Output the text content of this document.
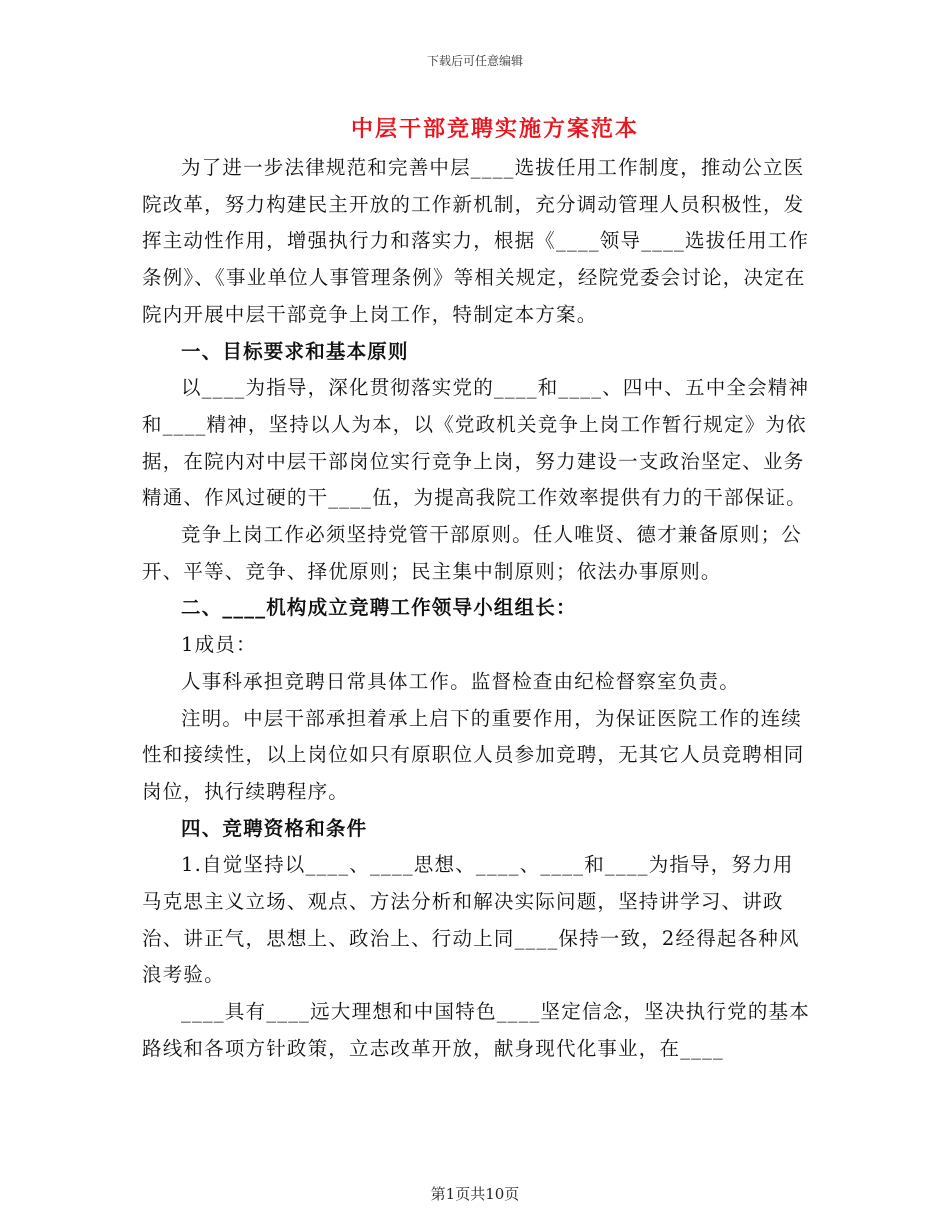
下载后可任意编辑
中层干部竞聘实施方案范本

为了进一步法律规范和完善中层____选拔任用工作制度，推动公立医院改革，努力构建民主开放的工作新机制，充分调动管理人员积极性，发挥主动性作用，增强执行力和落实力，根据《____领导____选拔任用工作条例》、《事业单位人事管理条例》等相关规定，经院党委会讨论，决定在院内开展中层干部竞争上岗工作，特制定本方案。

一、目标要求和基本原则

以____为指导，深化贯彻落实党的____和____、四中、五中全会精神和____精神，坚持以人为本，以《党政机关竞争上岗工作暂行规定》为依据，在院内对中层干部岗位实行竞争上岗，努力建设一支政治坚定、业务精通、作风过硬的干____伍，为提高我院工作效率提供有力的干部保证。

竞争上岗工作必须坚持党管干部原则。任人唯贤、德才兼备原则；公开、平等、竞争、择优原则；民主集中制原则；依法办事原则。

二、____机构成立竞聘工作领导小组组长：

1成员：

人事科承担竞聘日常具体工作。监督检查由纪检督察室负责。

注明。中层干部承担着承上启下的重要作用，为保证医院工作的连续性和接续性，以上岗位如只有原职位人员参加竞聘，无其它人员竞聘相同岗位，执行续聘程序。

四、竞聘资格和条件

1.自觉坚持以____、____思想、____、____和____为指导，努力用马克思主义立场、观点、方法分析和解决实际问题，坚持讲学习、讲政治、讲正气，思想上、政治上、行动上同____保持一致，2经得起各种风浪考验。

____具有____远大理想和中国特色____坚定信念，坚决执行党的基本路线和各项方针政策，立志改革开放，献身现代化事业，在____

第1页共10页
